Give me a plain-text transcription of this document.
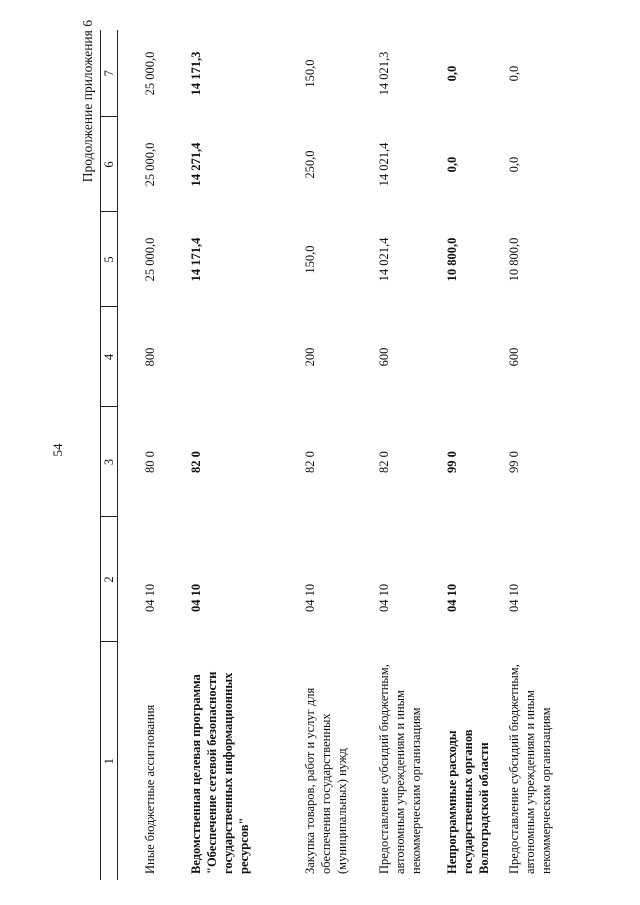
54
Продолжение приложения 6
1	2	3	4	5	6	7
Иные бюджетные ассигнования	04 10	80 0	800	25 000,0	25 000,0	25 000,0
Ведомственная целевая программа "Обеспечение сетевой безопасности государственных информационных ресурсов"	04 10	82 0		14 171,4	14 271,4	14 171,3
Закупка товаров, работ и услуг для обеспечения государственных (муниципальных) нужд	04 10	82 0	200	150,0	250,0	150,0
Предоставление субсидий бюджетным, автономным учреждениям и иным некоммерческим организациям	04 10	82 0	600	14 021,4	14 021,4	14 021,3
Непрограммные расходы государственных органов Волгоградской области	04 10	99 0		10 800,0	0,0	0,0
Предоставление субсидий бюджетным, автономным учреждениям и иным некоммерческим организациям	04 10	99 0	600	10 800,0	0,0	0,0
